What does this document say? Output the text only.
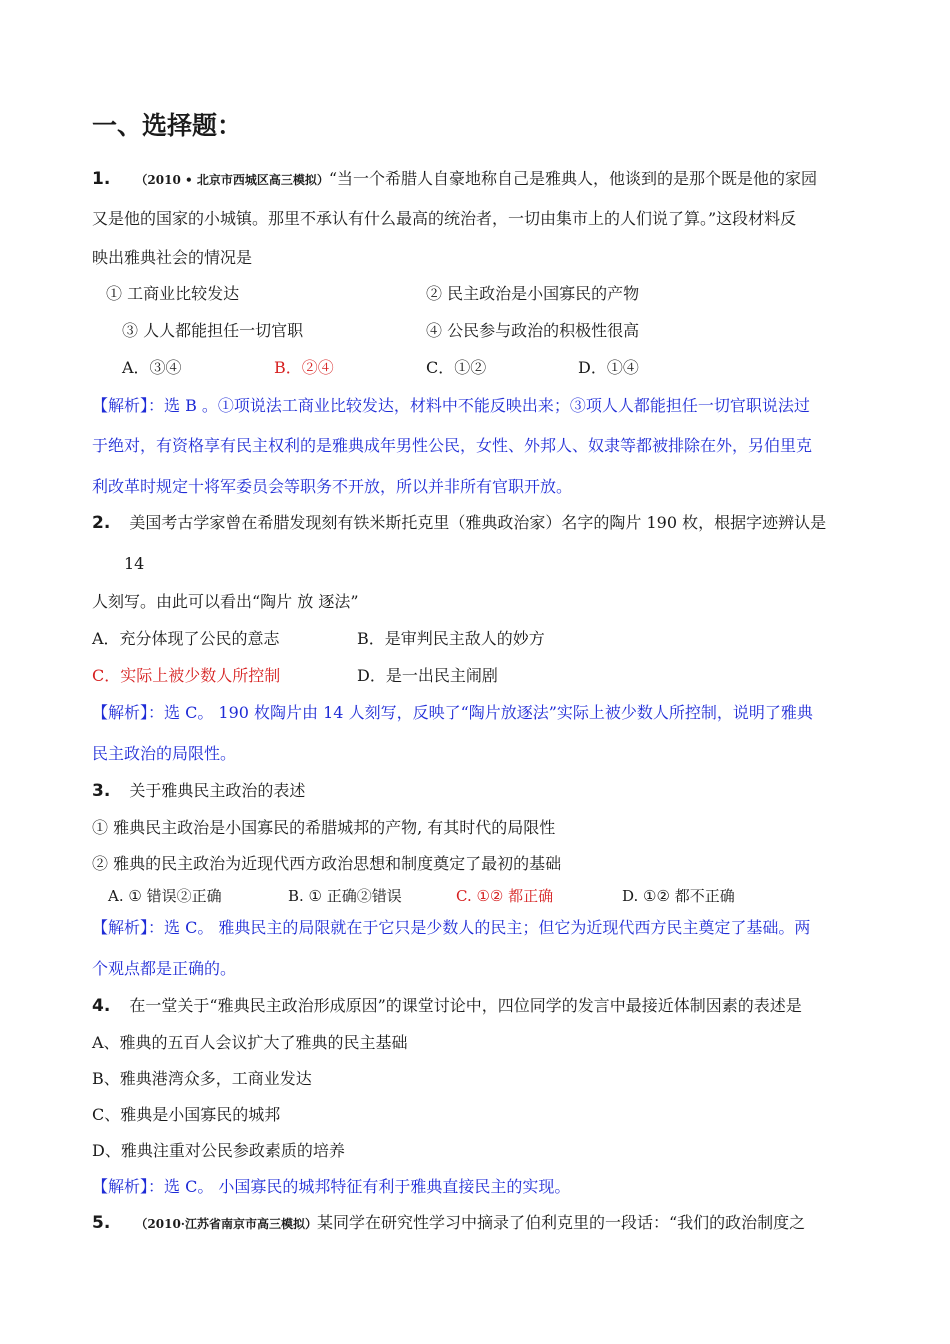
一、选择题：
1. （2010 • 北京市西城区高三模拟）“当一个希腊人自豪地称自己是雅典人，他谈到的是那个既是他的家园
又是他的国家的小城镇。那里不承认有什么最高的统治者，一切由集市上的人们说了算。”这段材料反
映出雅典社会的情况是
① 工商业比较发达	② 民主政治是小国寡民的产物
③ 人人都能担任一切官职	④ 公民参与政治的积极性很高
A．③④	B．②④	C．①②	D．①④
【解析】：选 B 。①项说法工商业比较发达，材料中不能反映出来；③项人人都能担任一切官职说法过
于绝对，有资格享有民主权利的是雅典成年男性公民，女性、外邦人、奴隶等都被排除在外，另伯里克
利改革时规定十将军委员会等职务不开放，所以并非所有官职开放。
2. 美国考古学家曾在希腊发现刻有铁米斯托克里（雅典政治家）名字的陶片 190 枚，根据字迹辨认是
14
人刻写。由此可以看出“陶片 放 逐法”
A．充分体现了公民的意志	B．是审判民主敌人的妙方
C．实际上被少数人所控制	D．是一出民主闹剧
【解析】：选 C。 190 枚陶片由 14 人刻写，反映了“陶片放逐法”实际上被少数人所控制，说明了雅典
民主政治的局限性。
3. 关于雅典民主政治的表述
① 雅典民主政治是小国寡民的希腊城邦的产物, 有其时代的局限性
② 雅典的民主政治为近现代西方政治思想和制度奠定了最初的基础
A. ① 错误②正确	B. ① 正确②错误	C. ①② 都正确	D. ①② 都不正确
【解析】：选 C。 雅典民主的局限就在于它只是少数人的民主；但它为近现代西方民主奠定了基础。两
个观点都是正确的。
4. 在一堂关于“雅典民主政治形成原因”的课堂讨论中，四位同学的发言中最接近体制因素的表述是
A、雅典的五百人会议扩大了雅典的民主基础
B、雅典港湾众多，工商业发达
C、雅典是小国寡民的城邦
D、雅典注重对公民参政素质的培养
【解析】：选 C。 小国寡民的城邦特征有利于雅典直接民主的实现。
5. （2010·江苏省南京市高三模拟）某同学在研究性学习中摘录了伯利克里的一段话：“我们的政治制度之
